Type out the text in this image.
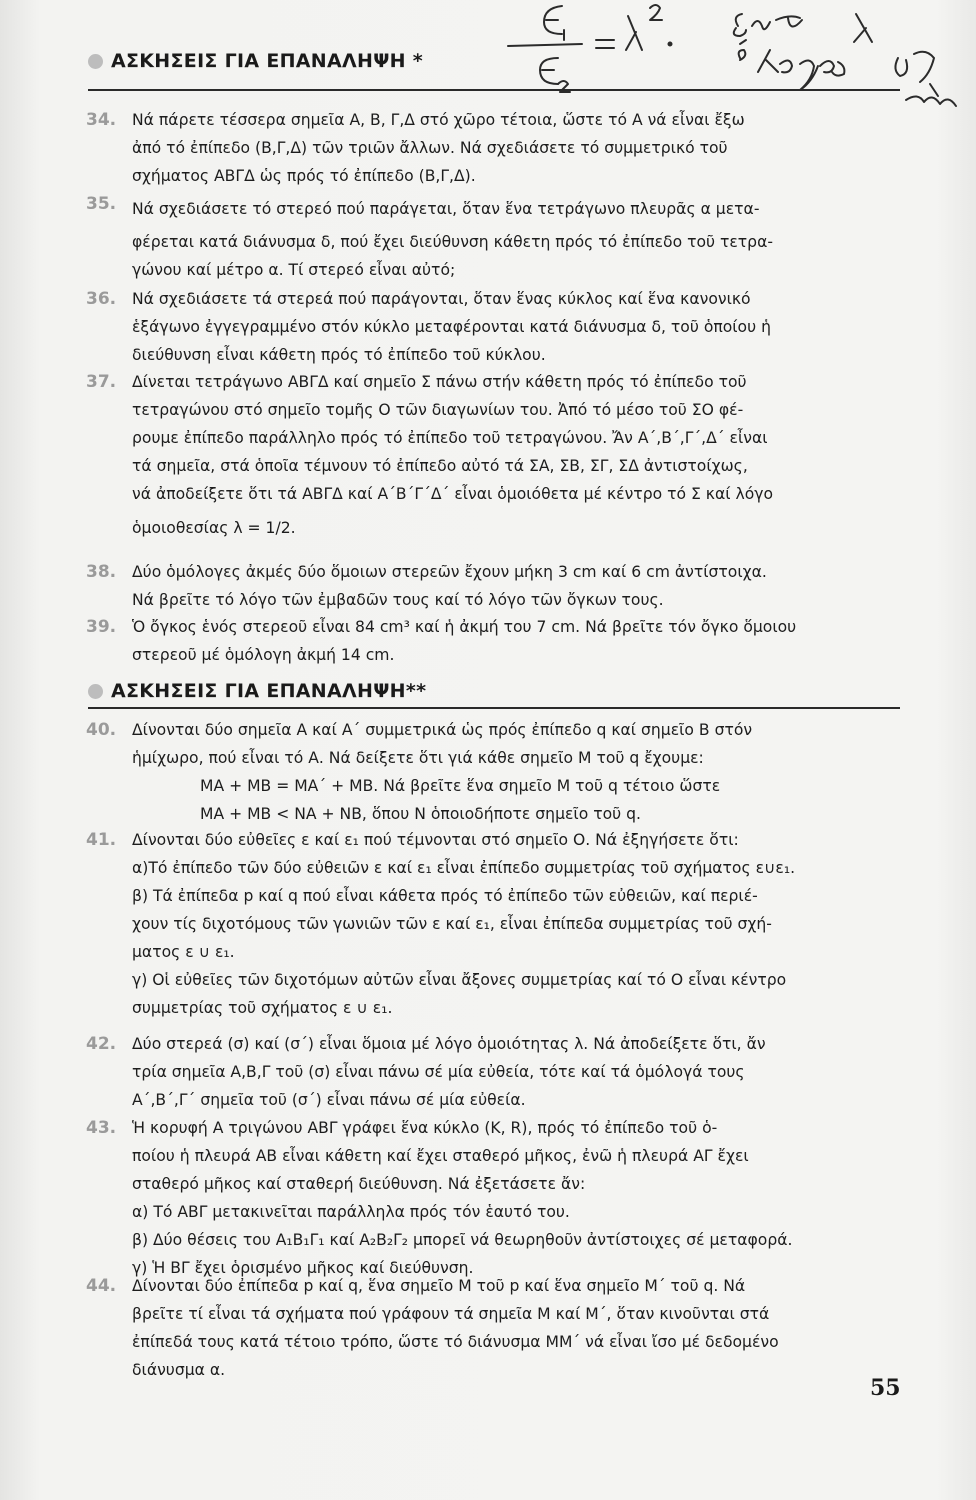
E₁/E₂ = λ². ὅταν λ ὁ λόγος ὁμοιότητας
ΑΣΚΗΣΕΙΣ ΓΙΑ ΕΠΑΝΑΛΗΨΗ *
34. Νά πάρετε τέσσερα σημεῖα Α, Β, Γ,Δ στό χῶρο τέτοια, ὥστε τό Α νά εἶναι ἔξω
ἀπό τό ἐπίπεδο (Β,Γ,Δ) τῶν τριῶν ἄλλων. Νά σχεδιάσετε τό συμμετρικό τοῦ
σχήματος ΑΒΓΔ ὡς πρός τό ἐπίπεδο (Β,Γ,Δ).
35. Νά σχεδιάσετε τό στερεό πού παράγεται, ὅταν ἕνα τετράγωνο πλευρᾶς α μετα-
φέρεται κατά διάνυσμα δ, πού ἔχει διεύθυνση κάθετη πρός τό ἐπίπεδο τοῦ τετρα-
γώνου καί μέτρο α. Τί στερεό εἶναι αὐτό;
36. Νά σχεδιάσετε τά στερεά πού παράγονται, ὅταν ἕνας κύκλος καί ἕνα κανονικό
ἑξάγωνο ἐγγεγραμμένο στόν κύκλο μεταφέρονται κατά διάνυσμα δ, τοῦ ὁποίου ἡ
διεύθυνση εἶναι κάθετη πρός τό ἐπίπεδο τοῦ κύκλου.
37. Δίνεται τετράγωνο ΑΒΓΔ καί σημεῖο Σ πάνω στήν κάθετη πρός τό ἐπίπεδο τοῦ
τετραγώνου στό σημεῖο τομῆς Ο τῶν διαγωνίων του. Ἀπό τό μέσο τοῦ ΣΟ φέ-
ρουμε ἐπίπεδο παράλληλο πρός τό ἐπίπεδο τοῦ τετραγώνου. Ἄν Α΄,Β΄,Γ΄,Δ΄ εἶναι
τά σημεῖα, στά ὁποῖα τέμνουν τό ἐπίπεδο αὐτό τά ΣΑ, ΣΒ, ΣΓ, ΣΔ ἀντιστοίχως,
νά ἀποδείξετε ὅτι τά ΑΒΓΔ καί Α΄Β΄Γ΄Δ΄ εἶναι ὁμοιόθετα μέ κέντρο τό Σ καί λόγο
ὁμοιοθεσίας λ = 1/2.
38. Δύο ὁμόλογες ἀκμές δύο ὅμοιων στερεῶν ἔχουν μήκη 3 cm καί 6 cm ἀντίστοιχα.
Νά βρεῖτε τό λόγο τῶν ἐμβαδῶν τους καί τό λόγο τῶν ὄγκων τους.
39. Ὁ ὄγκος ἑνός στερεοῦ εἶναι 84 cm³ καί ἡ ἀκμή του 7 cm. Νά βρεῖτε τόν ὄγκο ὅμοιου
στερεοῦ μέ ὁμόλογη ἀκμή 14 cm.
ΑΣΚΗΣΕΙΣ ΓΙΑ ΕΠΑΝΑΛΗΨΗ**
40. Δίνονται δύο σημεῖα Α καί Α΄ συμμετρικά ὡς πρός ἐπίπεδο q καί σημεῖο Β στόν
ἡμίχωρο, πού εἶναι τό Α. Νά δείξετε ὅτι γιά κάθε σημεῖο Μ τοῦ q ἔχουμε:
ΜΑ + ΜΒ = ΜΑ΄ + ΜΒ. Νά βρεῖτε ἕνα σημεῖο Μ τοῦ q τέτοιο ὥστε
ΜΑ + ΜΒ < ΝΑ + ΝΒ, ὅπου Ν ὁποιοδήποτε σημεῖο τοῦ q.
41. Δίνονται δύο εὐθεῖες ε καί ε₁ πού τέμνονται στό σημεῖο Ο. Νά ἐξηγήσετε ὅτι:
α)Τό ἐπίπεδο τῶν δύο εὐθειῶν ε καί ε₁ εἶναι ἐπίπεδο συμμετρίας τοῦ σχήματος ε∪ε₁.
β) Τά ἐπίπεδα p καί q πού εἶναι κάθετα πρός τό ἐπίπεδο τῶν εὐθειῶν, καί περιέ-
χουν τίς διχοτόμους τῶν γωνιῶν τῶν ε καί ε₁, εἶναι ἐπίπεδα συμμετρίας τοῦ σχή-
ματος ε ∪ ε₁.
γ) Οἱ εὐθεῖες τῶν διχοτόμων αὐτῶν εἶναι ἄξονες συμμετρίας καί τό Ο εἶναι κέντρο
συμμετρίας τοῦ σχήματος ε ∪ ε₁.
42. Δύο στερεά (σ) καί (σ΄) εἶναι ὅμοια μέ λόγο ὁμοιότητας λ. Νά ἀποδείξετε ὅτι, ἄν
τρία σημεῖα Α,Β,Γ τοῦ (σ) εἶναι πάνω σέ μία εὐθεία, τότε καί τά ὁμόλογά τους
Α΄,Β΄,Γ΄ σημεῖα τοῦ (σ΄) εἶναι πάνω σέ μία εὐθεία.
43. Ἡ κορυφή Α τριγώνου ΑΒΓ γράφει ἕνα κύκλο (Κ, R), πρός τό ἐπίπεδο τοῦ ὁ-
ποίου ἡ πλευρά ΑΒ εἶναι κάθετη καί ἔχει σταθερό μῆκος, ἐνῶ ἡ πλευρά ΑΓ ἔχει
σταθερό μῆκος καί σταθερή διεύθυνση. Νά ἐξετάσετε ἄν:
α) Τό ΑΒΓ μετακινεῖται παράλληλα πρός τόν ἑαυτό του.
β) Δύο θέσεις του Α₁Β₁Γ₁ καί Α₂Β₂Γ₂ μπορεῖ νά θεωρηθοῦν ἀντίστοιχες σέ μεταφορά.
γ) Ἡ ΒΓ ἔχει ὁρισμένο μῆκος καί διεύθυνση.
44. Δίνονται δύο ἐπίπεδα p καί q, ἕνα σημεῖο Μ τοῦ p καί ἕνα σημεῖο Μ΄ τοῦ q. Νά
βρεῖτε τί εἶναι τά σχήματα πού γράφουν τά σημεῖα Μ καί Μ΄, ὅταν κινοῦνται στά
ἐπίπεδά τους κατά τέτοιο τρόπο, ὥστε τό διάνυσμα ΜΜ΄ νά εἶναι ἴσο μέ δεδομένο
διάνυσμα α.
55
